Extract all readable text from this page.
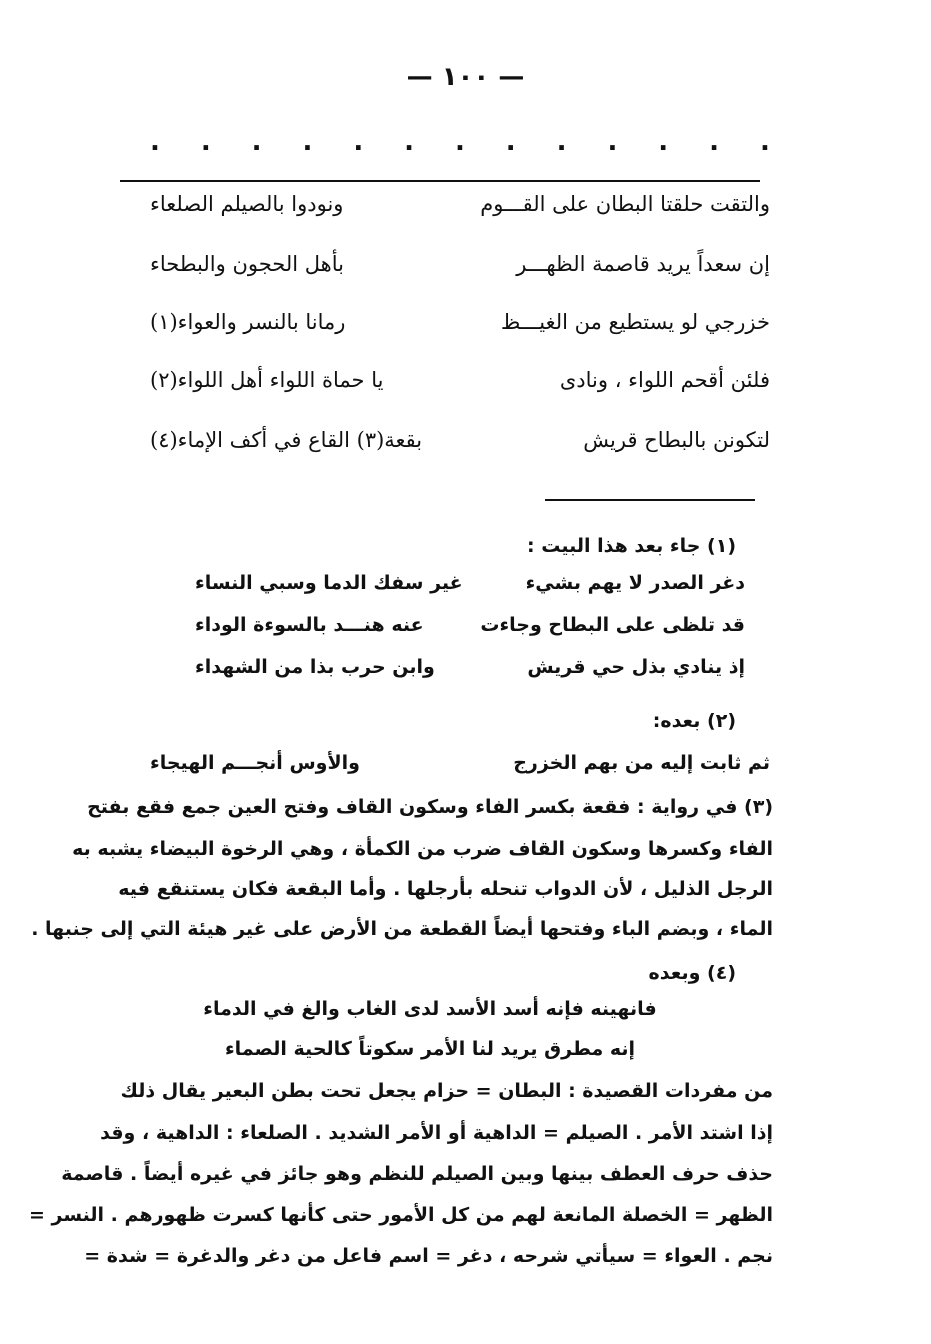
— ١٠٠ —
. . . . . . . . . . . . .
والتقت حلقتا البطان على القـــوم
ونودوا بالصيلم الصلعاء
إن سعداً يريد قاصمة الظهـــر
بأهل الحجون والبطحاء
خزرجي لو يستطيع من الغيـــظ
رمانا بالنسر والعواء(١)
فلئن أقحم اللواء ، ونادى
يا حماة اللواء أهل اللواء(٢)
لتكونن بالبطاح قريش
بقعة(٣) القاع في أكف الإماء(٤)
(١) جاء بعد هذا البيت :
دغر الصدر لا يهم بشيء
غير سفك الدما وسبي النساء
قد تلظى على البطاح وجاءت
عنه هنـــد بالسوءة الوداء
إذ ينادي بذل حي قريش
وابن حرب بذا من الشهداء
(٢) بعده:
ثم ثابت إليه من بهم الخزرج
والأوس أنجـــم الهيجاء
(٣) في رواية : فقعة بكسر الفاء وسكون القاف وفتح العين جمع فقع بفتح
الفاء وكسرها وسكون القاف ضرب من الكمأة ، وهي الرخوة البيضاء يشبه به
الرجل الذليل ، لأن الدواب تنحله بأرجلها . وأما البقعة فكان يستنقع فيه
الماء ، وبضم الباء وفتحها أيضاً القطعة من الأرض على غير هيئة التي إلى جنبها .
(٤) وبعده
فانهينه فإنه أسد الأسد لدى الغاب والغ في الدماء
إنه مطرق يريد لنا الأمر سكوتاً كالحية الصماء
من مفردات القصيدة : البطان = حزام يجعل تحت بطن البعير يقال ذلك
إذا اشتد الأمر . الصيلم = الداهية أو الأمر الشديد . الصلعاء : الداهية ، وقد
حذف حرف العطف بينها وبين الصيلم للنظم وهو جائز في غيره أيضاً . قاصمة
الظهر = الخصلة المانعة لهم من كل الأمور حتى كأنها كسرت ظهورهم . النسر =
نجم . العواء = سيأتي شرحه ، دغر = اسم فاعل من دغر والدغرة = شدة =
